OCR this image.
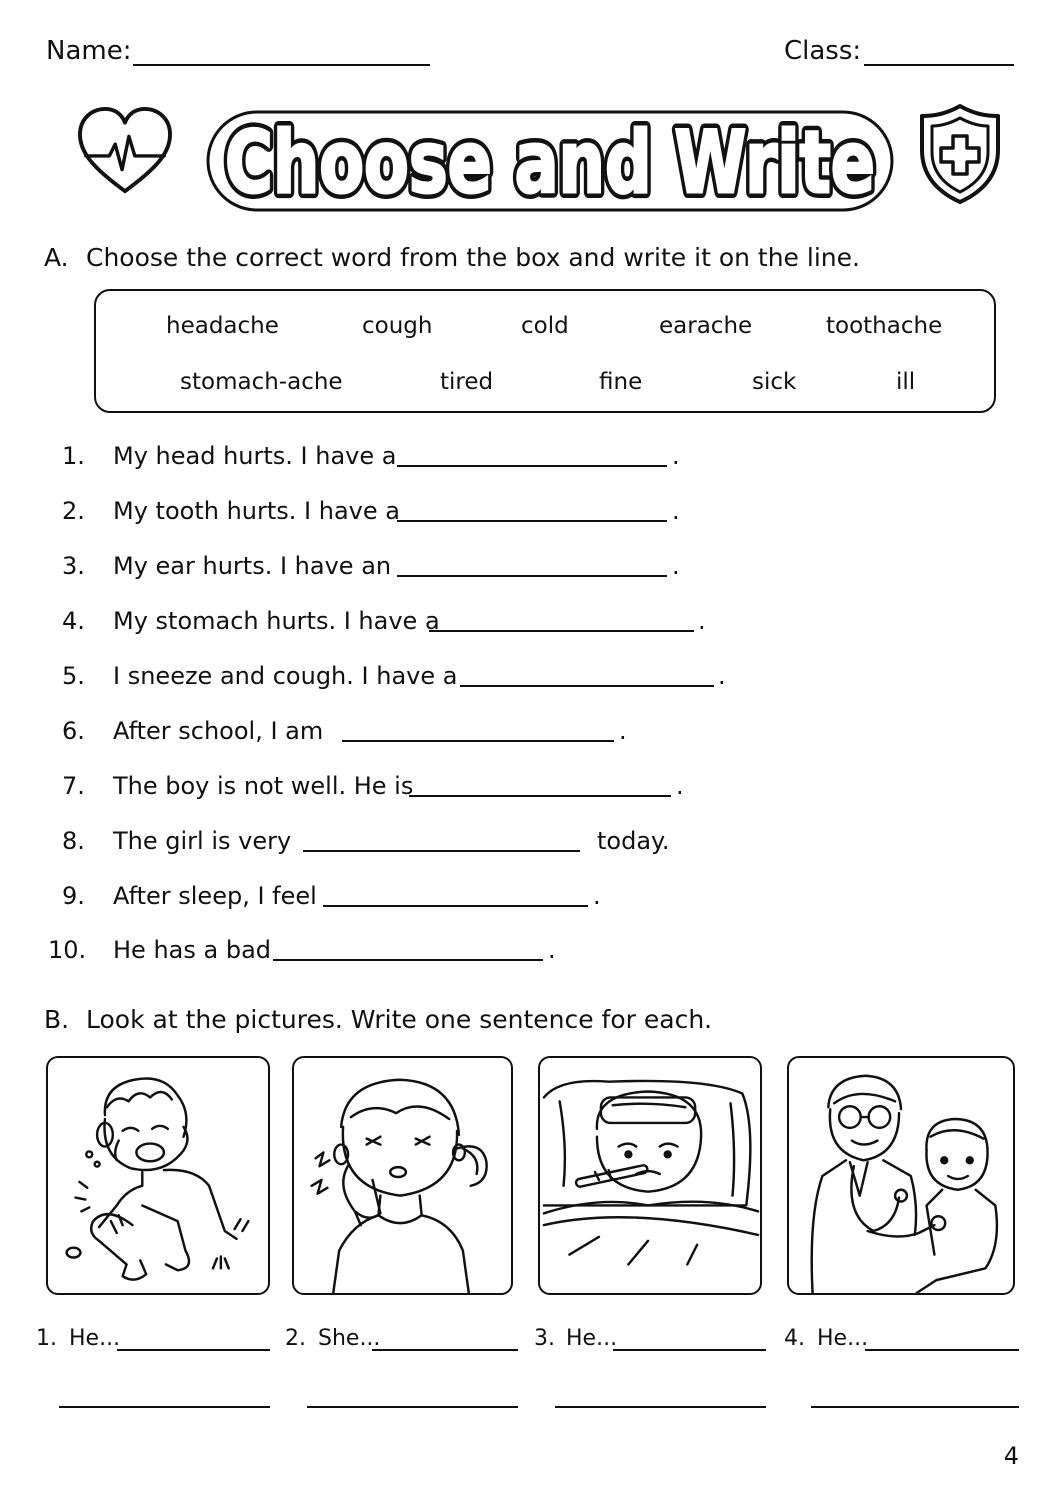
Name:	Class:
Choose and Write
Choose and Write
A. Choose the correct word from the box and write it on the line.
headache	cough	cold	earache	toothache
stomach-ache	tired	fine	sick	ill
1. My head hurts. I have a	.
2. My tooth hurts. I have a	.
3. My ear hurts. I have an	.
4. My stomach hurts. I have a	.
5. I sneeze and cough. I have a	.
6. After school, I am	.
7. The boy is not well. He is	.
8. The girl is very	today.
9. After sleep, I feel	.
10. He has a bad	.
B. Look at the pictures. Write one sentence for each.
1. He...	2. She...	3. He...	4. He...
4
